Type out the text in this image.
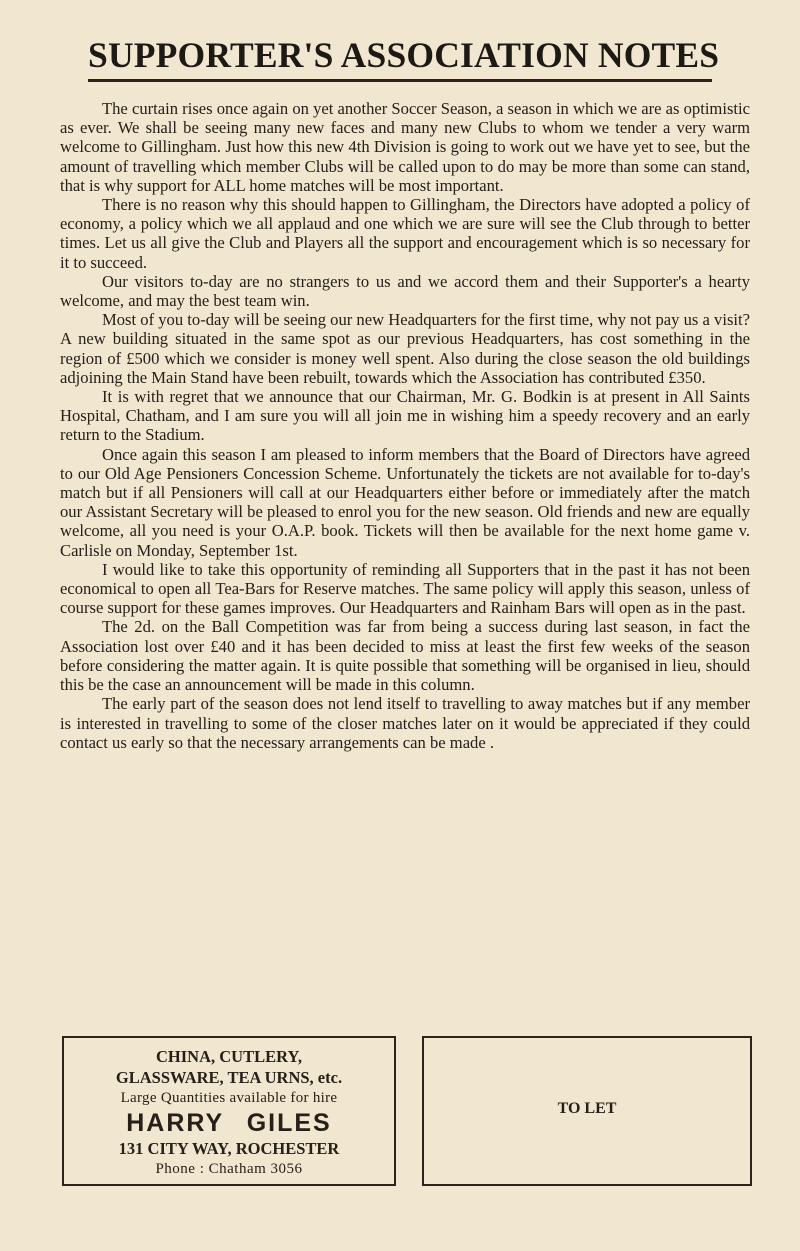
SUPPORTER'S ASSOCIATION NOTES

The curtain rises once again on yet another Soccer Season, a season in which we are as optimistic as ever. We shall be seeing many new faces and many new Clubs to whom we tender a very warm welcome to Gillingham. Just how this new 4th Division is going to work out we have yet to see, but the amount of travelling which member Clubs will be called upon to do may be more than some can stand, that is why support for ALL home matches will be most important.

There is no reason why this should happen to Gillingham, the Directors have adopted a policy of economy, a policy which we all applaud and one which we are sure will see the Club through to better times. Let us all give the Club and Players all the support and encouragement which is so necessary for it to succeed.

Our visitors to-day are no strangers to us and we accord them and their Supporter's a hearty welcome, and may the best team win.

Most of you to-day will be seeing our new Headquarters for the first time, why not pay us a visit? A new building situated in the same spot as our previous Headquarters, has cost something in the region of £500 which we consider is money well spent. Also during the close season the old buildings adjoining the Main Stand have been rebuilt, towards which the Association has contributed £350.

It is with regret that we announce that our Chairman, Mr. G. Bodkin is at present in All Saints Hospital, Chatham, and I am sure you will all join me in wishing him a speedy recovery and an early return to the Stadium.

Once again this season I am pleased to inform members that the Board of Directors have agreed to our Old Age Pensioners Concession Scheme. Unfortunately the tickets are not available for to-day's match but if all Pensioners will call at our Headquarters either before or immediately after the match our Assistant Secretary will be pleased to enrol you for the new season. Old friends and new are equally welcome, all you need is your O.A.P. book. Tickets will then be available for the next home game v. Carlisle on Monday, September 1st.

I would like to take this opportunity of reminding all Supporters that in the past it has not been economical to open all Tea-Bars for Reserve matches. The same policy will apply this season, unless of course support for these games improves. Our Headquarters and Rainham Bars will open as in the past.

The 2d. on the Ball Competition was far from being a success during last season, in fact the Association lost over £40 and it has been decided to miss at least the first few weeks of the season before considering the matter again. It is quite possible that something will be organised in lieu, should this be the case an announcement will be made in this column.

The early part of the season does not lend itself to travelling to away matches but if any member is interested in travelling to some of the closer matches later on it would be appreciated if they could contact us early so that the necessary arrangements can be made .

CHINA, CUTLERY,
GLASSWARE, TEA URNS, etc.
Large Quantities available for hire
HARRY GILES
131 CITY WAY, ROCHESTER
Phone : Chatham 3056
TO LET
